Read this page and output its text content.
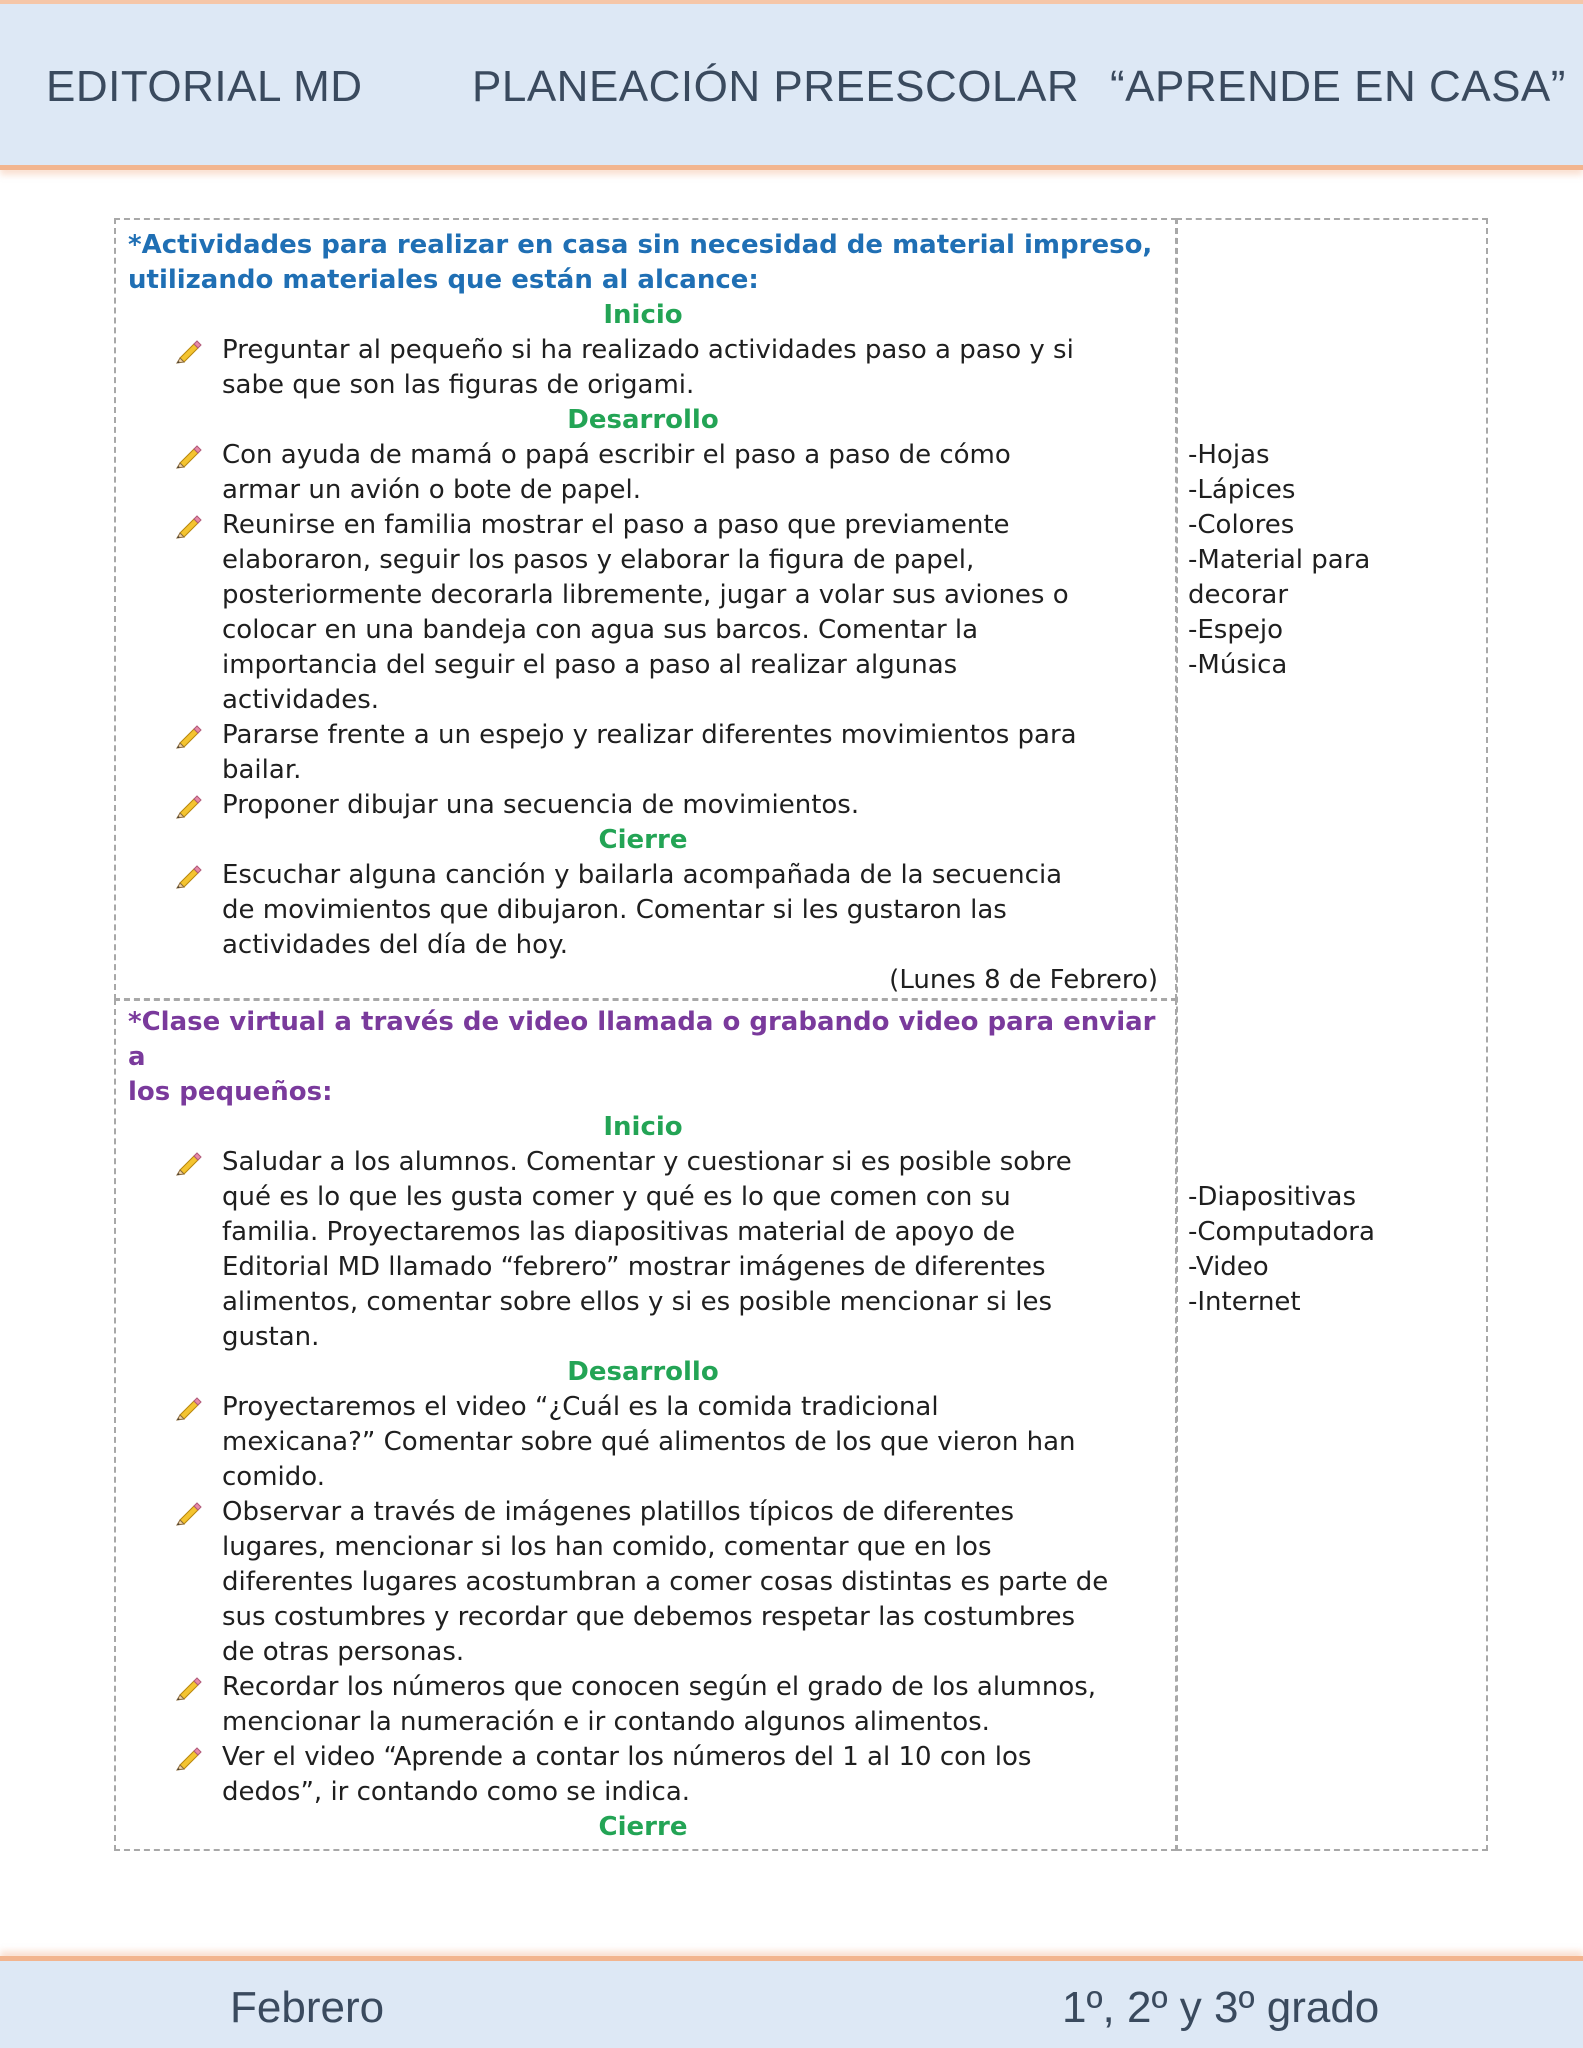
EDITORIAL MD PLANEACIÓN PREESCOLAR “APRENDE EN CASA”
*Actividades para realizar en casa sin necesidad de material impreso,
utilizando materiales que están al alcance:
Inicio
Preguntar al pequeño si ha realizado actividades paso a paso y si
sabe que son las figuras de origami.
Desarrollo
Con ayuda de mamá o papá escribir el paso a paso de cómo
armar un avión o bote de papel.
Reunirse en familia mostrar el paso a paso que previamente
elaboraron, seguir los pasos y elaborar la figura de papel,
posteriormente decorarla libremente, jugar a volar sus aviones o
colocar en una bandeja con agua sus barcos. Comentar la
importancia del seguir el paso a paso al realizar algunas
actividades.
Pararse frente a un espejo y realizar diferentes movimientos para
bailar.
Proponer dibujar una secuencia de movimientos.
Cierre
Escuchar alguna canción y bailarla acompañada de la secuencia
de movimientos que dibujaron. Comentar si les gustaron las
actividades del día de hoy.
(Lunes 8 de Febrero)
-Hojas
-Lápices
-Colores
-Material para
decorar
-Espejo
-Música
*Clase virtual a través de video llamada o grabando video para enviar a
los pequeños:
Inicio
Saludar a los alumnos. Comentar y cuestionar si es posible sobre
qué es lo que les gusta comer y qué es lo que comen con su
familia. Proyectaremos las diapositivas material de apoyo de
Editorial MD llamado “febrero” mostrar imágenes de diferentes
alimentos, comentar sobre ellos y si es posible mencionar si les
gustan.
Desarrollo
Proyectaremos el video “¿Cuál es la comida tradicional
mexicana?” Comentar sobre qué alimentos de los que vieron han
comido.
Observar a través de imágenes platillos típicos de diferentes
lugares, mencionar si los han comido, comentar que en los
diferentes lugares acostumbran a comer cosas distintas es parte de
sus costumbres y recordar que debemos respetar las costumbres
de otras personas.
Recordar los números que conocen según el grado de los alumnos,
mencionar la numeración e ir contando algunos alimentos.
Ver el video “Aprende a contar los números del 1 al 10 con los
dedos”, ir contando como se indica.
Cierre
-Diapositivas
-Computadora
-Video
-Internet
Febrero	1º, 2º y 3º grado
